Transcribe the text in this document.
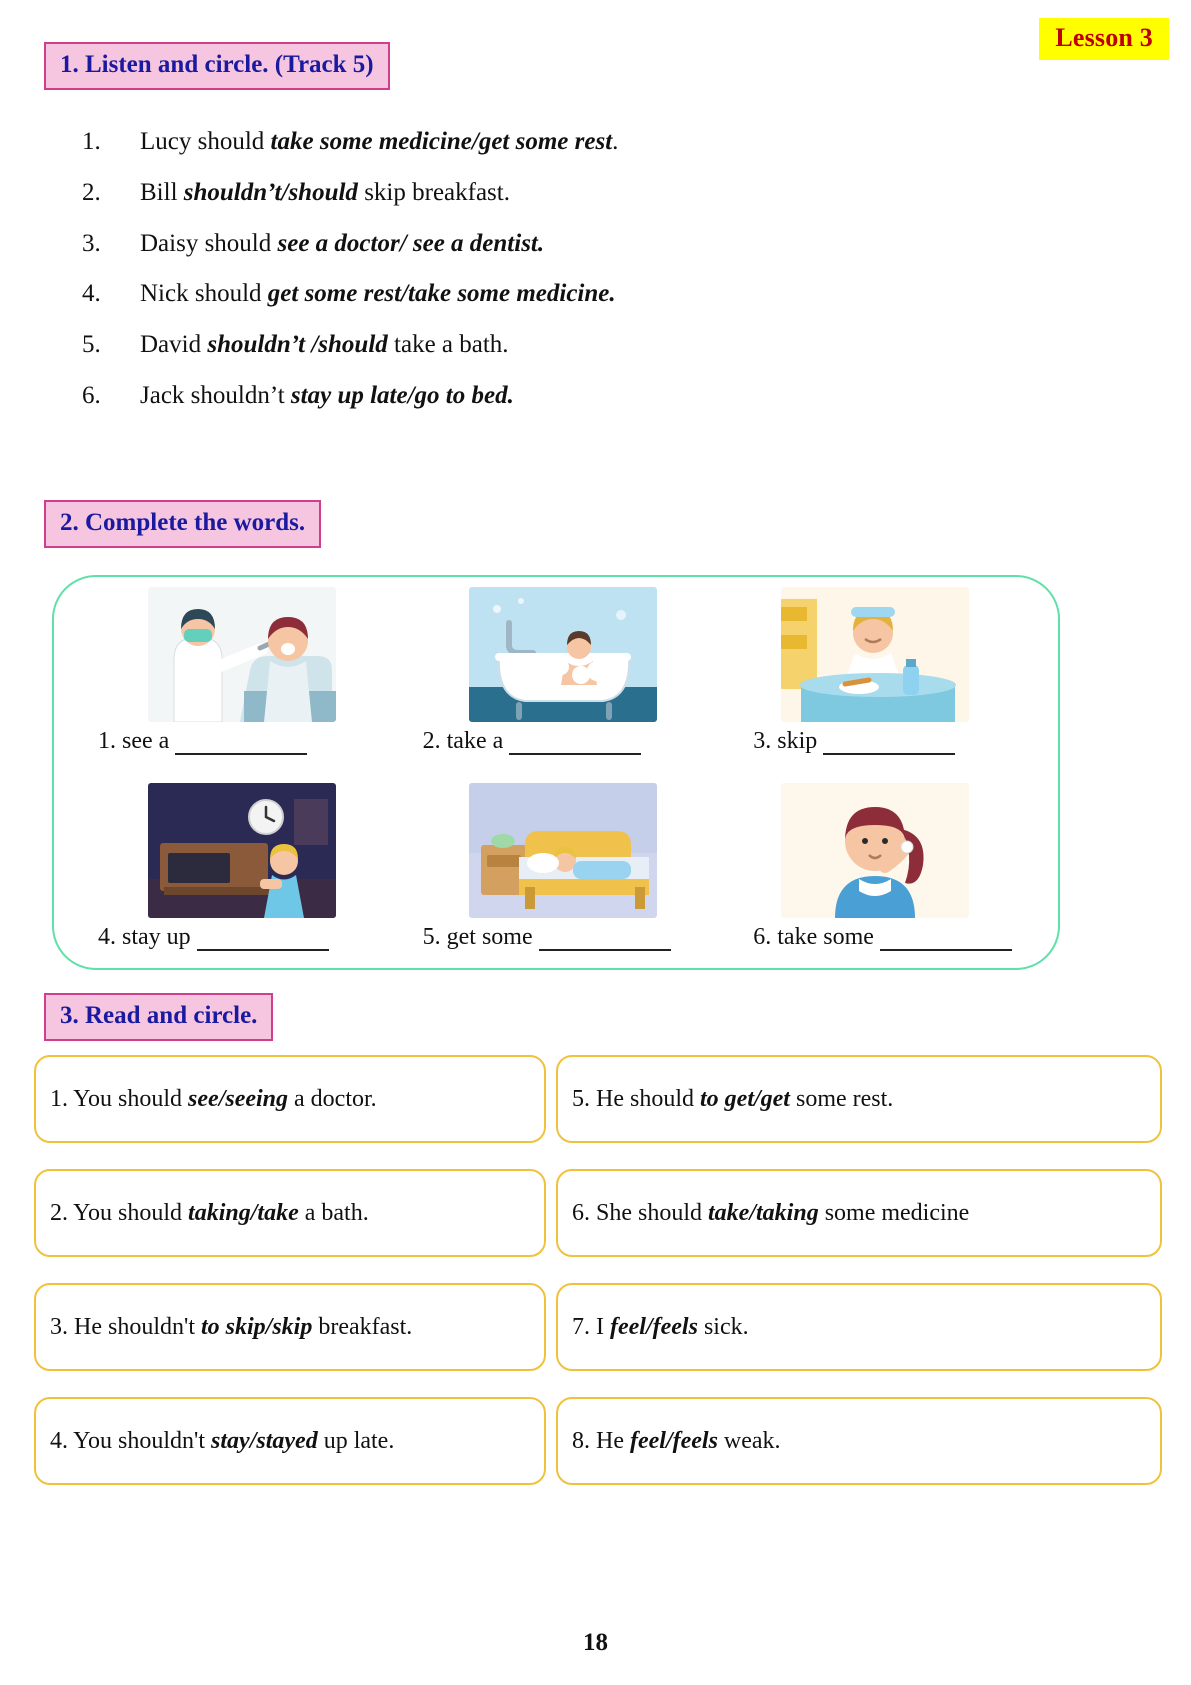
Lesson 3
1. Listen and circle. (Track 5)
1.	Lucy should take some medicine/get some rest.
2.	Bill shouldn’t/should skip breakfast.
3.	Daisy should see a doctor/ see a dentist.
4.	Nick should get some rest/take some medicine.
5.	David shouldn’t /should take a bath.
6.	Jack shouldn’t stay up late/go to bed.
2. Complete the words.
1. see a	2. take a	3. skip
4. stay up	5. get some	6. take some
3. Read and circle.
1. You should see/seeing a doctor.
2. You should taking/take a bath.
3. He shouldn't to skip/skip breakfast.
4. You shouldn't stay/stayed up late.
5. He should to get/get some rest.
6. She should take/taking some medicine
7. I feel/feels sick.
8. He feel/feels weak.
18
